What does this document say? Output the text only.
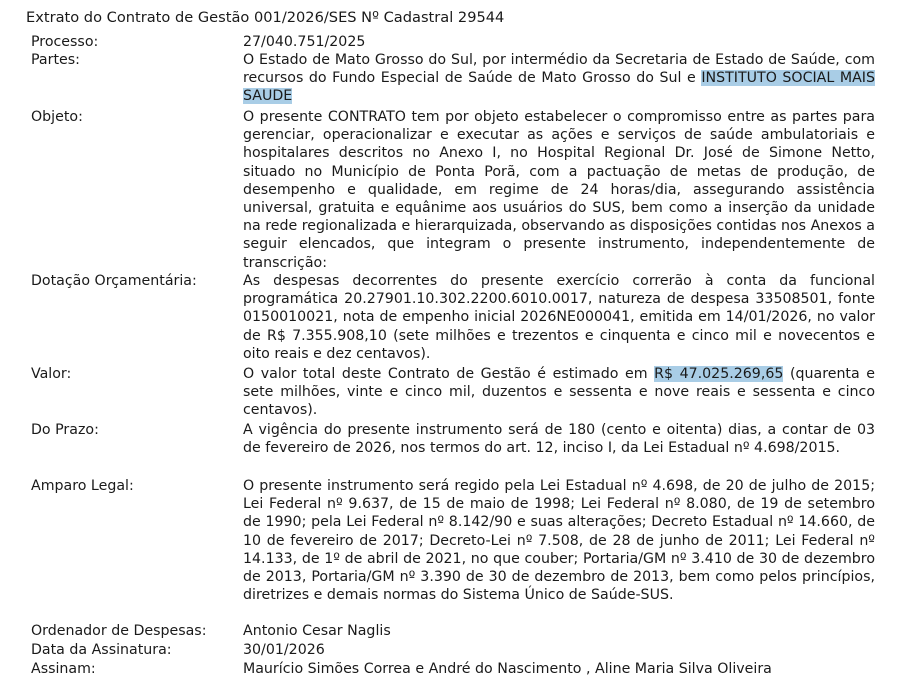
Extrato do Contrato de Gestão 001/2026/SES Nº Cadastral 29544
Processo:	27/040.751/2025
Partes:	O Estado de Mato Grosso do Sul, por intermédio da Secretaria de Estado de Saúde, com recursos do Fundo Especial de Saúde de Mato Grosso do Sul e INSTITUTO SOCIAL MAIS SAUDE
Objeto:	O presente CONTRATO tem por objeto estabelecer o compromisso entre as partes para gerenciar, operacionalizar e executar as ações e serviços de saúde ambulatoriais e hospitalares descritos no Anexo I, no Hospital Regional Dr. José de Simone Netto, situado no Município de Ponta Porã, com a pactuação de metas de produção, de desempenho e qualidade, em regime de 24 horas/dia, assegurando assistência universal, gratuita e equânime aos usuários do SUS, bem como a inserção da unidade na rede regionalizada e hierarquizada, observando as disposições contidas nos Anexos a seguir elencados, que integram o presente instrumento, independentemente de transcrição:
Dotação Orçamentária:	As despesas decorrentes do presente exercício correrão à conta da funcional programática 20.27901.10.302.2200.6010.0017, natureza de despesa 33508501, fonte 0150010021, nota de empenho inicial 2026NE000041, emitida em 14/01/2026, no valor de R$ 7.355.908,10 (sete milhões e trezentos e cinquenta e cinco mil e novecentos e oito reais e dez centavos).
Valor:	O valor total deste Contrato de Gestão é estimado em R$ 47.025.269,65 (quarenta e sete milhões, vinte e cinco mil, duzentos e sessenta e nove reais e sessenta e cinco centavos).
Do Prazo:	A vigência do presente instrumento será de 180 (cento e oitenta) dias, a contar de 03 de fevereiro de 2026, nos termos do art. 12, inciso I, da Lei Estadual nº 4.698/2015.
Amparo Legal:	O presente instrumento será regido pela Lei Estadual nº 4.698, de 20 de julho de 2015; Lei Federal nº 9.637, de 15 de maio de 1998; Lei Federal nº 8.080, de 19 de setembro de 1990; pela Lei Federal nº 8.142/90 e suas alterações; Decreto Estadual nº 14.660, de 10 de fevereiro de 2017; Decreto-Lei nº 7.508, de 28 de junho de 2011; Lei Federal nº 14.133, de 1º de abril de 2021, no que couber; Portaria/GM nº 3.410 de 30 de dezembro de 2013, Portaria/GM nº 3.390 de 30 de dezembro de 2013, bem como pelos princípios, diretrizes e demais normas do Sistema Único de Saúde-SUS.
Ordenador de Despesas:	Antonio Cesar Naglis
Data da Assinatura:	30/01/2026
Assinam:	Maurício Simões Correa e André do Nascimento , Aline Maria Silva Oliveira
